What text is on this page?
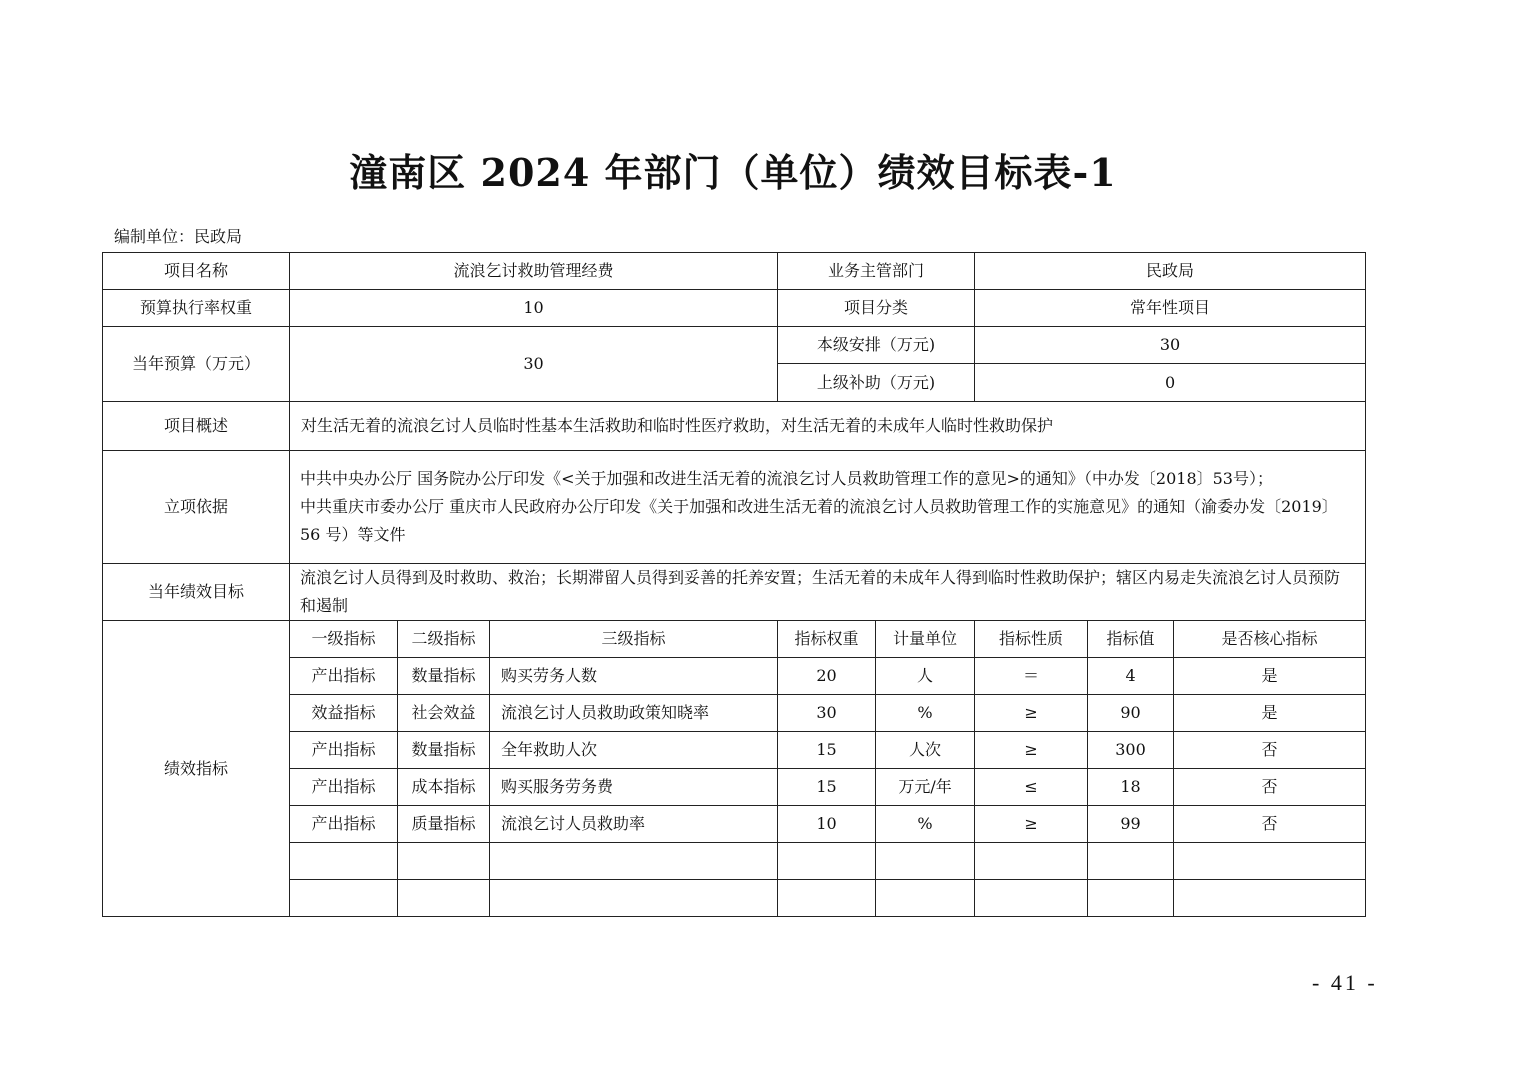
潼南区 2024 年部门（单位）绩效目标表-1
编制单位：民政局
项目名称	流浪乞讨救助管理经费			业务主管部门		民政局		
预算执行率权重	10			项目分类		常年性项目		
当年预算（万元）	30			本级安排（万元)		30		
				上级补助（万元)		0		
项目概述	对生活无着的流浪乞讨人员临时性基本生活救助和临时性医疗救助，对生活无着的未成年人临时性救助保护							
立项依据	中共中央办公厅 国务院办公厅印发《<关于加强和改进生活无着的流浪乞讨人员救助管理工作的意见>的通知》（中办发〔2018〕53号）；
中共重庆市委办公厅 重庆市人民政府办公厅印发《关于加强和改进生活无着的流浪乞讨人员救助管理工作的实施意见》的通知（渝委办发〔2019〕56 号）等文件							

当年绩效目标	流浪乞讨人员得到及时救助、救治；长期滞留人员得到妥善的托养安置；生活无着的未成年人得到临时性救助保护；辖区内易走失流浪乞讨人员预防和遏制							
绩效指标	一级指标	二级指标	三级指标	指标权重	计量单位	指标性质	指标值	是否核心指标
	产出指标	数量指标	购买劳务人数	20	人	＝	4	是
	效益指标	社会效益	流浪乞讨人员救助政策知晓率	30	%	≥	90	是
	产出指标	数量指标	全年救助人次	15	人次	≥	300	否
	产出指标	成本指标	购买服务劳务费	15	万元/年	≤	18	否
	产出指标	质量指标	流浪乞讨人员救助率	10	%	≥	99	否

- 41 -
